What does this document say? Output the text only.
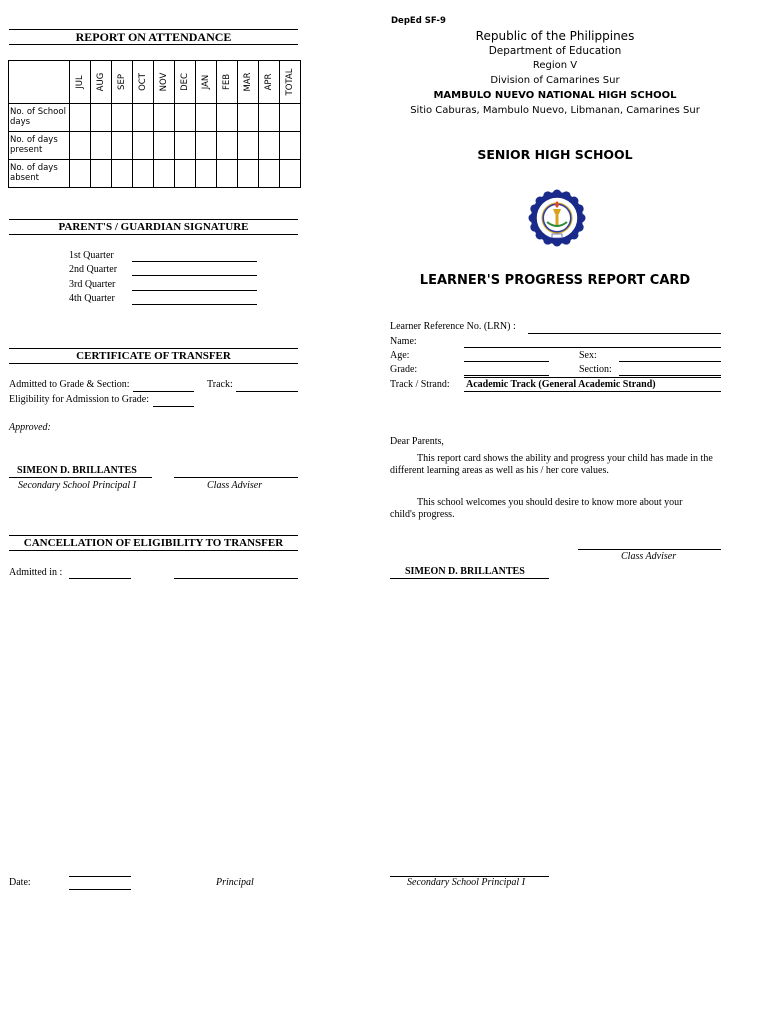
REPORT ON ATTENDANCE

	JUL	AUG	SEP	OCT	NOV	DEC	JAN	FEB	MAR	APR	TOTAL

No. of School days											
No. of days present											
No. of days absent											
PARENT'S / GUARDIAN SIGNATURE
1st Quarter
2nd Quarter
3rd Quarter
4th Quarter
CERTIFICATE OF TRANSFER
Admitted to Grade & Section:	Track:
Eligibility for Admission to Grade:
Approved:
SIMEON D. BRILLANTES
Secondary School Principal I	Class Adviser
CANCELLATION OF ELIGIBILITY TO TRANSFER
Admitted in :
Date:	Principal
DepEd SF-9
Republic of the Philippines
Department of Education
Region V
Division of Camarines Sur
MAMBULO NUEVO NATIONAL HIGH SCHOOL
Sitio Caburas, Mambulo Nuevo, Libmanan, Camarines Sur
SENIOR HIGH SCHOOL
LEARNER'S PROGRESS REPORT CARD
Learner Reference No. (LRN) :
Name:
Age:	Sex:
Grade:	Section:
Track / Strand: Academic Track (General Academic Strand)
Dear Parents,
This report card shows the ability and progress your child has made in the different learning areas as well as his / her core values.
This school welcomes you should desire to know more about your child's progress.
Class Adviser
SIMEON D. BRILLANTES
Secondary School Principal I
